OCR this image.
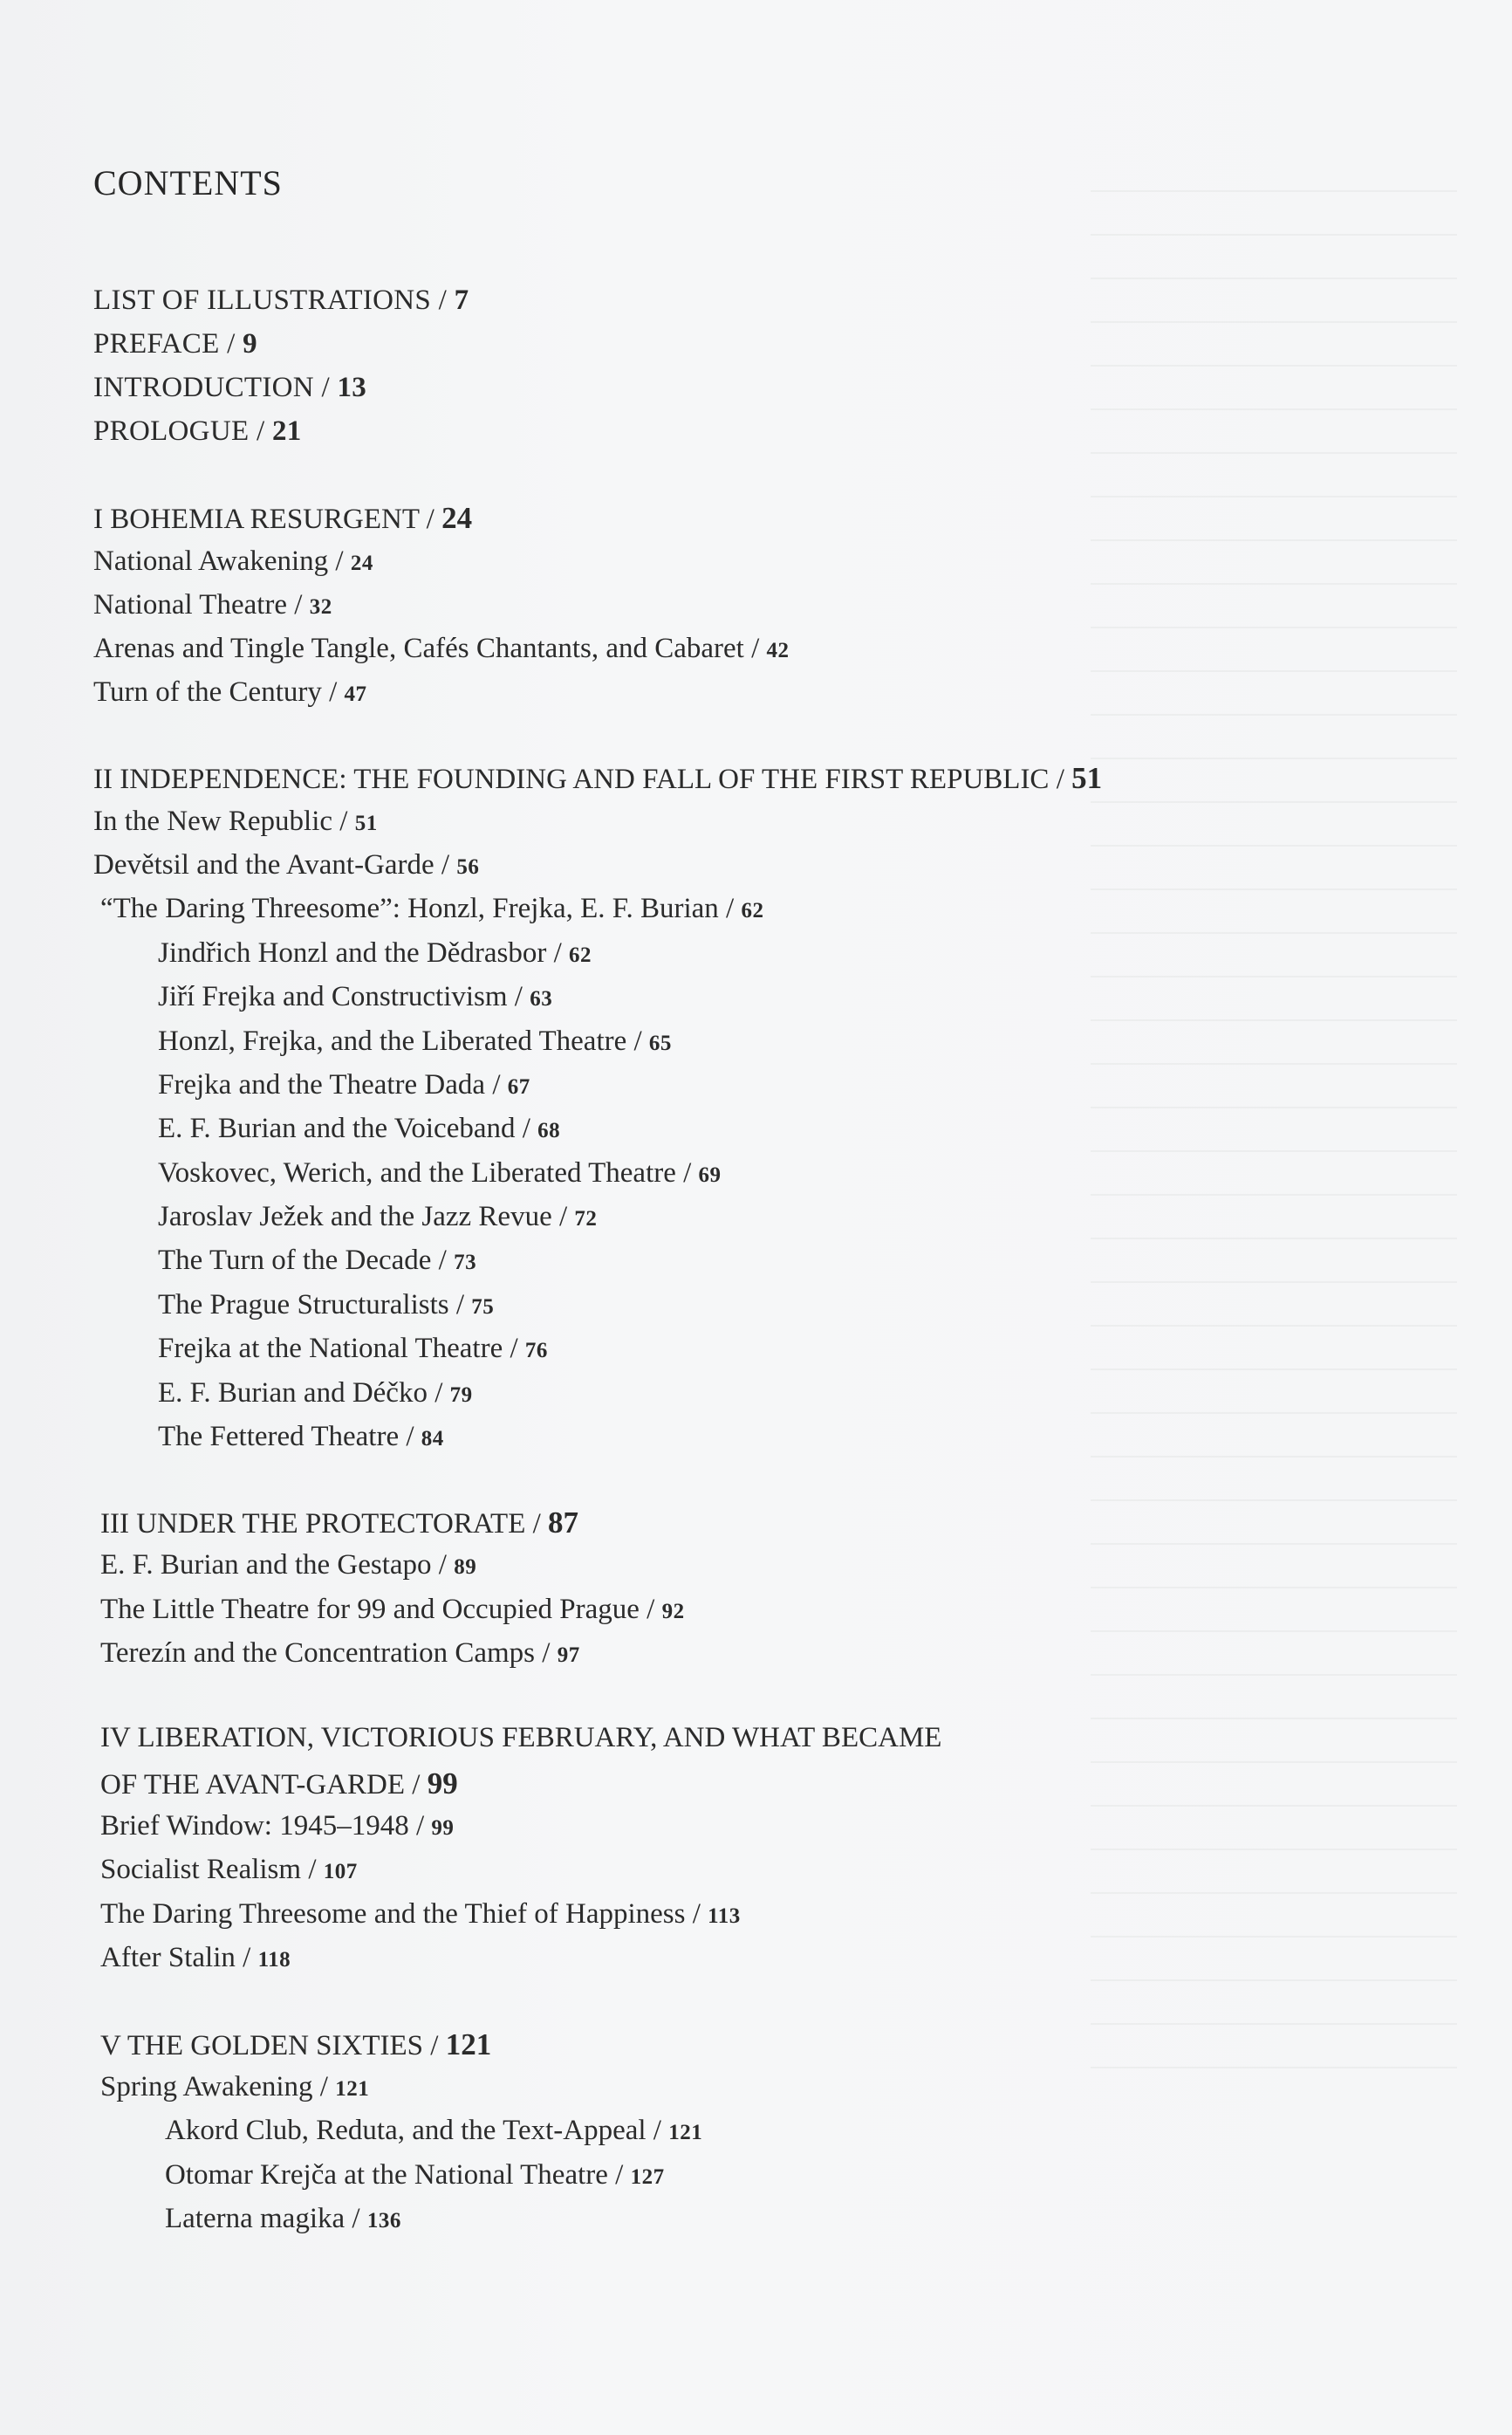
CONTENTS
LIST OF ILLUSTRATIONS / 7
PREFACE / 9
INTRODUCTION / 13
PROLOGUE / 21
I BOHEMIA RESURGENT / 24
National Awakening / 24
National Theatre / 32
Arenas and Tingle Tangle, Cafés Chantants, and Cabaret / 42
Turn of the Century / 47
II INDEPENDENCE: THE FOUNDING AND FALL OF THE FIRST REPUBLIC / 51
In the New Republic / 51
Devětsil and the Avant-Garde / 56
“The Daring Threesome”: Honzl, Frejka, E. F. Burian / 62
Jindřich Honzl and the Dědrasbor / 62
Jiří Frejka and Constructivism / 63
Honzl, Frejka, and the Liberated Theatre / 65
Frejka and the Theatre Dada / 67
E. F. Burian and the Voiceband / 68
Voskovec, Werich, and the Liberated Theatre / 69
Jaroslav Ježek and the Jazz Revue / 72
The Turn of the Decade / 73
The Prague Structuralists / 75
Frejka at the National Theatre / 76
E. F. Burian and Déčko / 79
The Fettered Theatre / 84
III UNDER THE PROTECTORATE / 87
E. F. Burian and the Gestapo / 89
The Little Theatre for 99 and Occupied Prague / 92
Terezín and the Concentration Camps / 97
IV LIBERATION, VICTORIOUS FEBRUARY, AND WHAT BECAME
OF THE AVANT-GARDE / 99
Brief Window: 1945–1948 / 99
Socialist Realism / 107
The Daring Threesome and the Thief of Happiness / 113
After Stalin / 118
V THE GOLDEN SIXTIES / 121
Spring Awakening / 121
Akord Club, Reduta, and the Text-Appeal / 121
Otomar Krejča at the National Theatre / 127
Laterna magika / 136
